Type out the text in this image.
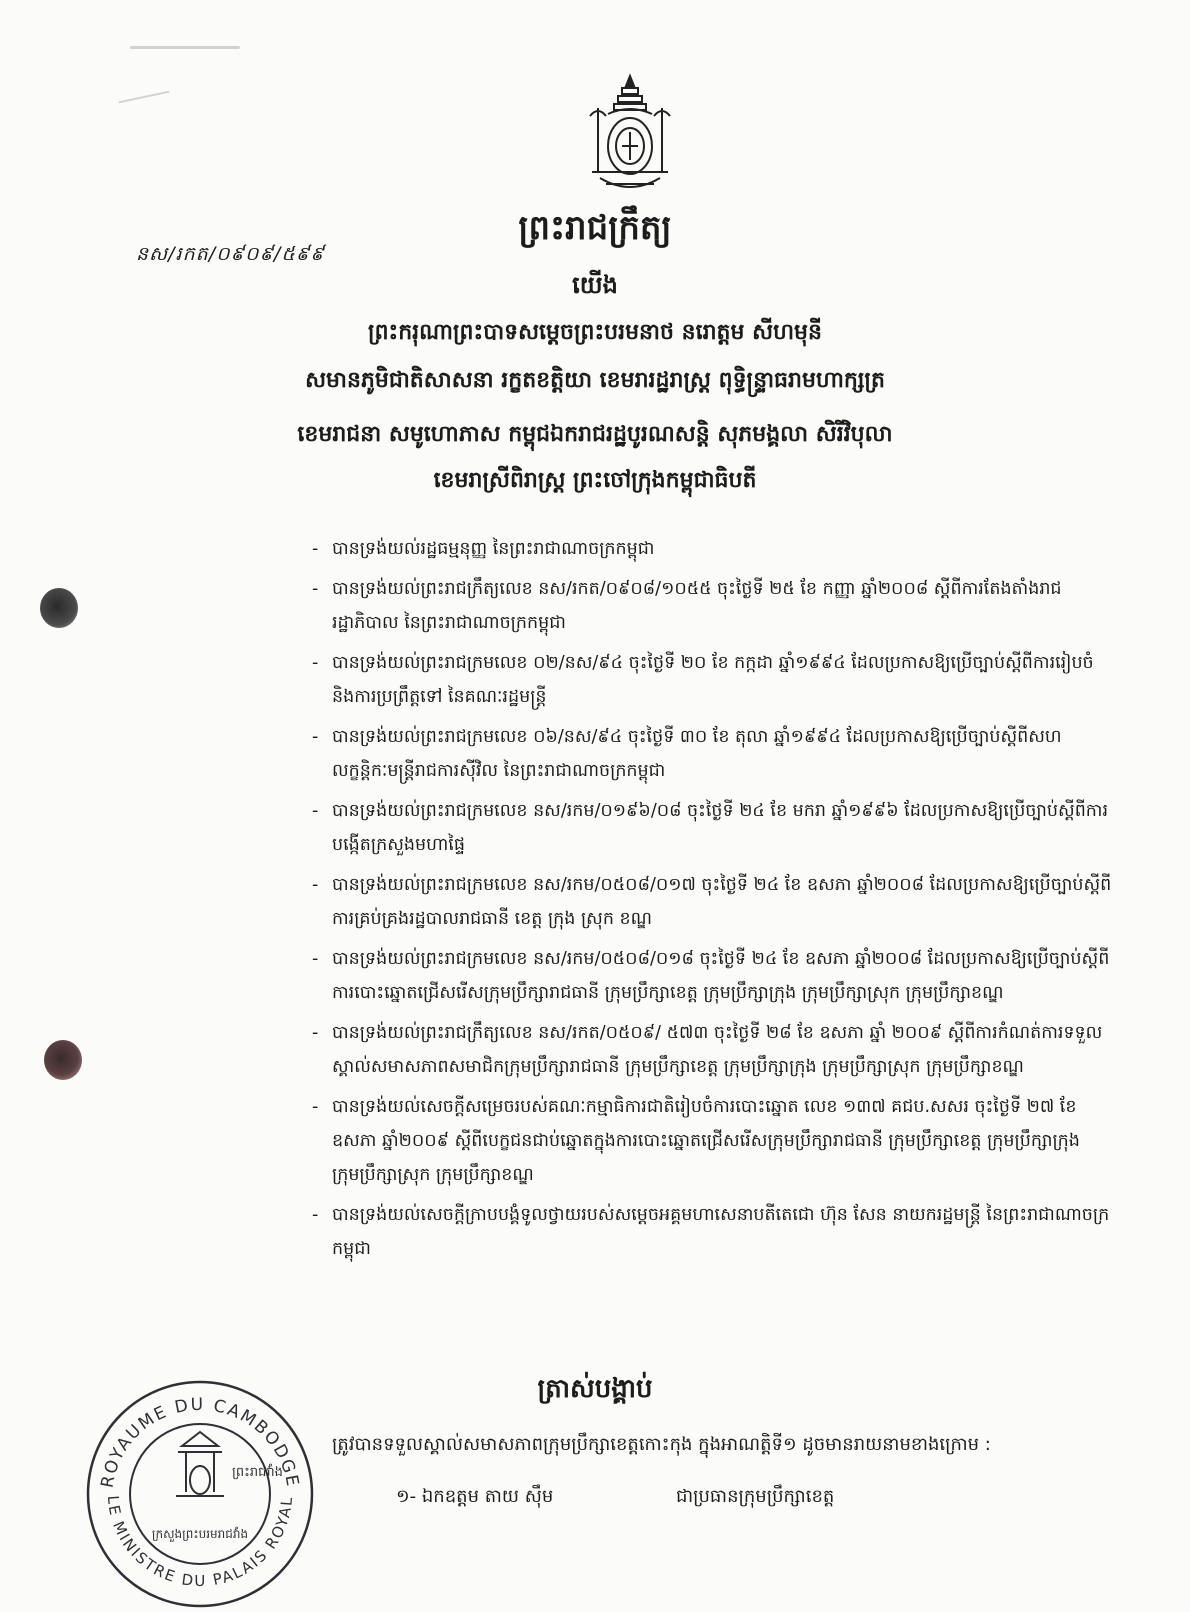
នស/រកត/០៩០៩/៥៩៩
ព្រះរាជក្រឹត្យ
យើង
ព្រះករុណាព្រះបាទសម្តេចព្រះបរមនាថ នរោត្តម សីហមុនី
សមានភូមិជាតិសាសនា រក្ខតខត្តិយា ខេមរារដ្ឋរាស្ត្រ ពុទ្ធិន្ទ្រាធរាមហាក្សត្រ
ខេមរាជនា សមូហោភាស កម្ពុជឯករាជរដ្ឋបូរណសន្តិ សុភមង្គលា សិរីវិបុលា
ខេមរាស្រីពិរាស្ត្រ ព្រះចៅក្រុងកម្ពុជាធិបតី
- បានទ្រង់យល់រដ្ឋធម្មនុញ្ញ នៃព្រះរាជាណាចក្រកម្ពុជា
- បានទ្រង់យល់ព្រះរាជក្រឹត្យលេខ នស/រកត/០៩០៨/១០៥៥ ចុះថ្ងៃទី ២៥ ខែ កញ្ញា ឆ្នាំ២០០៨ ស្តីពីការតែងតាំងរាជរដ្ឋាភិបាល នៃព្រះរាជាណាចក្រកម្ពុជា
- បានទ្រង់យល់ព្រះរាជក្រមលេខ ០២/នស/៩៤ ចុះថ្ងៃទី ២០ ខែ កក្កដា ឆ្នាំ១៩៩៤ ដែលប្រកាសឱ្យប្រើច្បាប់ស្តីពីការរៀបចំ និងការប្រព្រឹត្តទៅ នៃគណៈរដ្ឋមន្ត្រី
- បានទ្រង់យល់ព្រះរាជក្រមលេខ ០៦/នស/៩៤ ចុះថ្ងៃទី ៣០ ខែ តុលា ឆ្នាំ១៩៩៤ ដែលប្រកាសឱ្យប្រើច្បាប់ស្តីពីសហលក្ខន្តិកៈមន្ត្រីរាជការស៊ីវិល នៃព្រះរាជាណាចក្រកម្ពុជា
- បានទ្រង់យល់ព្រះរាជក្រមលេខ នស/រកម/០១៩៦/០៨ ចុះថ្ងៃទី ២៤ ខែ មករា ឆ្នាំ១៩៩៦ ដែលប្រកាសឱ្យប្រើច្បាប់ស្តីពីការបង្កើតក្រសួងមហាផ្ទៃ
- បានទ្រង់យល់ព្រះរាជក្រមលេខ នស/រកម/០៥០៨/០១៧ ចុះថ្ងៃទី ២៤ ខែ ឧសភា ឆ្នាំ២០០៨ ដែលប្រកាសឱ្យប្រើច្បាប់ស្តីពីការគ្រប់គ្រងរដ្ឋបាលរាជធានី ខេត្ត ក្រុង ស្រុក ខណ្ឌ
- បានទ្រង់យល់ព្រះរាជក្រមលេខ នស/រកម/០៥០៨/០១៨ ចុះថ្ងៃទី ២៤ ខែ ឧសភា ឆ្នាំ២០០៨ ដែលប្រកាសឱ្យប្រើច្បាប់ស្តីពីការបោះឆ្នោតជ្រើសរើសក្រុមប្រឹក្សារាជធានី ក្រុមប្រឹក្សាខេត្ត ក្រុមប្រឹក្សាក្រុង ក្រុមប្រឹក្សាស្រុក ក្រុមប្រឹក្សាខណ្ឌ
- បានទ្រង់យល់ព្រះរាជក្រឹត្យលេខ នស/រកត/០៥០៩/ ៥៧៣ ចុះថ្ងៃទី ២៨ ខែ ឧសភា ឆ្នាំ ២០០៩ ស្តីពីការកំណត់ការទទួលស្គាល់សមាសភាពសមាជិកក្រុមប្រឹក្សារាជធានី ក្រុមប្រឹក្សាខេត្ត ក្រុមប្រឹក្សាក្រុង ក្រុមប្រឹក្សាស្រុក ក្រុមប្រឹក្សាខណ្ឌ
- បានទ្រង់យល់សេចក្តីសម្រេចរបស់គណៈកម្មាធិការជាតិរៀបចំការបោះឆ្នោត លេខ ១៣៧ គជប.សសរ ចុះថ្ងៃទី ២៧ ខែ ឧសភា ឆ្នាំ២០០៩ ស្តីពីបេក្ខជនជាប់ឆ្នោតក្នុងការបោះឆ្នោតជ្រើសរើសក្រុមប្រឹក្សារាជធានី ក្រុមប្រឹក្សាខេត្ត ក្រុមប្រឹក្សាក្រុង ក្រុមប្រឹក្សាស្រុក ក្រុមប្រឹក្សាខណ្ឌ
- បានទ្រង់យល់សេចក្តីក្រាបបង្គំទូលថ្វាយរបស់សម្តេចអគ្គមហាសេនាបតីតេជោ ហ៊ុន សែន នាយករដ្ឋមន្ត្រី នៃព្រះរាជាណាចក្រកម្ពុជា
ត្រាស់បង្គាប់
ត្រូវបានទទួលស្គាល់សមាសភាពក្រុមប្រឹក្សាខេត្តកោះកុង ក្នុងអាណត្តិទី១ ដូចមានរាយនាមខាងក្រោម :
១- ឯកឧត្តម តាយ សុឹម	ជាប្រធានក្រុមប្រឹក្សាខេត្ត
ROYAUME DU CAMBODGE
LE MINISTRE DU PALAIS ROYAL
ព្រះរាជវាំង
ក្រសួងព្រះបរមរាជវាំង
